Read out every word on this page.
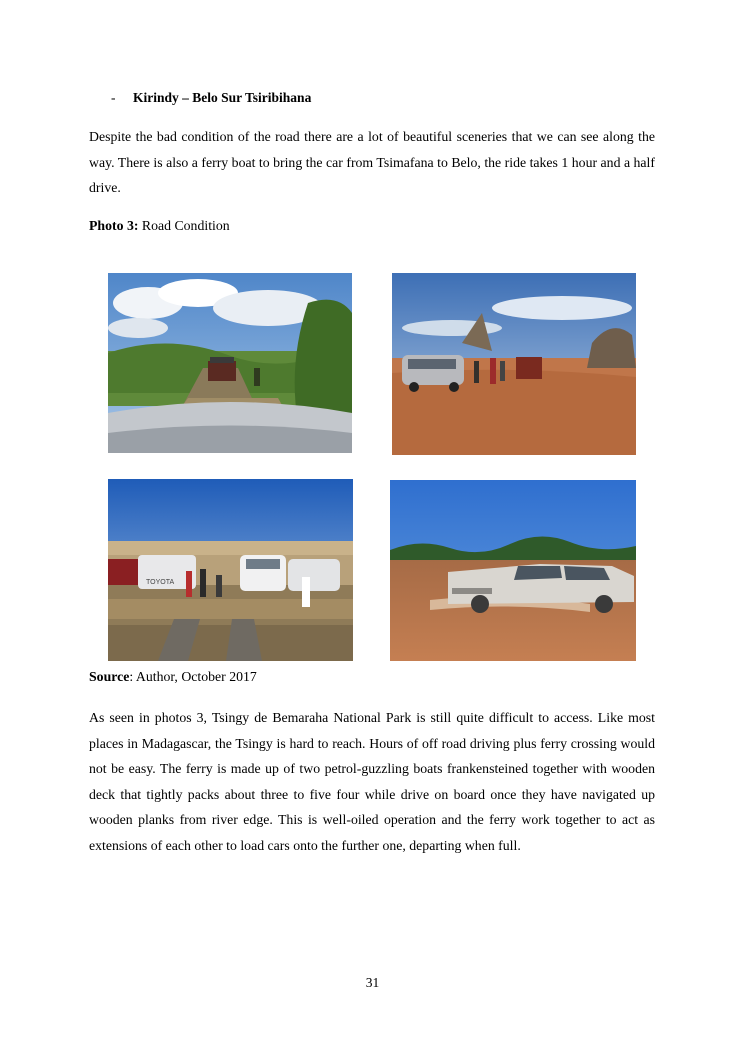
- Kirindy – Belo Sur Tsiribihana

Despite the bad condition of the road there are a lot of beautiful sceneries that we can see along the way. There is also a ferry boat to bring the car from Tsimafana to Belo, the ride takes 1 hour and a half drive.

Photo 3: Road Condition
TOYOTA
Source: Author, October 2017

As seen in photos 3, Tsingy de Bemaraha National Park is still quite difficult to access. Like most places in Madagascar, the Tsingy is hard to reach. Hours of off road driving plus ferry crossing would not be easy. The ferry is made up of two petrol-guzzling boats frankensteined together with wooden deck that tightly packs about three to five four while drive on board once they have navigated up wooden planks from river edge. This is well-oiled operation and the ferry work together to act as extensions of each other to load cars onto the further one, departing when full.

31
